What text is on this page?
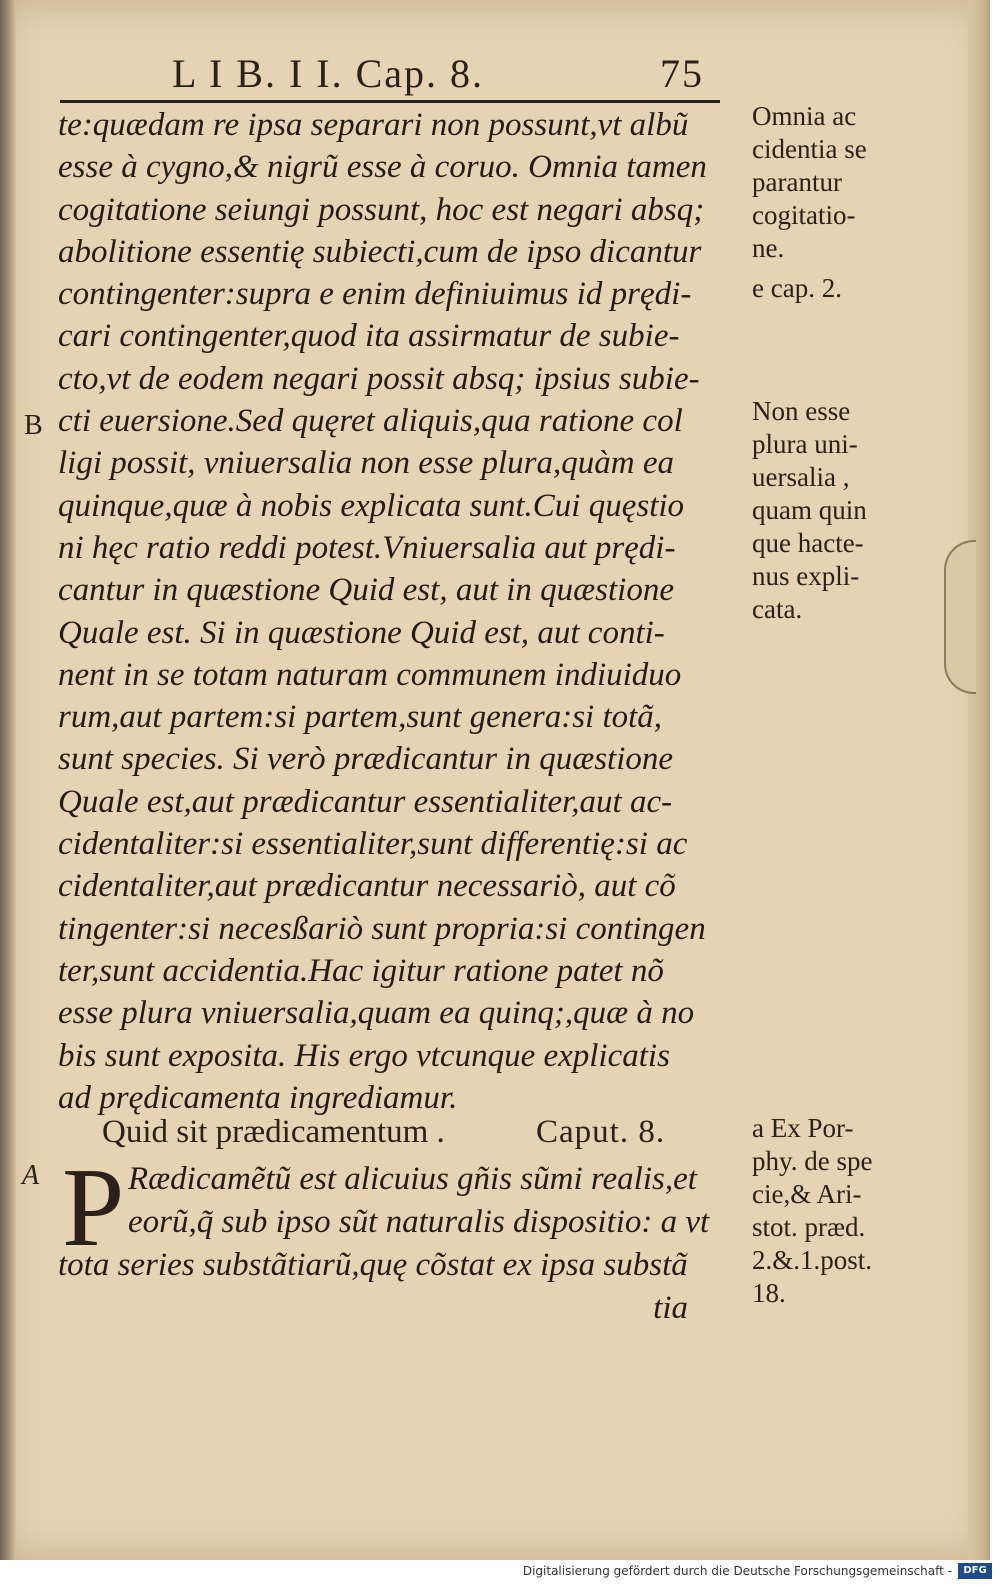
L I B. I I. Cap. 8.	75
te:quædam re ipsa separari non possunt,vt albũ
esse à cygno,& nigrũ esse à coruo. Omnia tamen
cogitatione seiungi possunt, hoc est negari absq;
abolitione essentię subiecti,cum de ipso dicantur
contingenter:supra e enim definiuimus id prędi-
cari contingenter,quod ita assirmatur de subie-
cto,vt de eodem negari possit absq; ipsius subie-
cti euersione.Sed quęret aliquis,qua ratione col
ligi possit, vniuersalia non esse plura,quàm ea
quinque,quæ à nobis explicata sunt.Cui quęstio
ni hęc ratio reddi potest.Vniuersalia aut prędi-
cantur in quæstione Quid est, aut in quæstione
Quale est. Si in quæstione Quid est, aut conti-
nent in se totam naturam communem indiuiduo
rum,aut partem:si partem,sunt genera:si totã,
sunt species. Si verò prædicantur in quæstione
Quale est,aut prædicantur essentialiter,aut ac-
cidentaliter:si essentialiter,sunt differentię:si ac
cidentaliter,aut prædicantur necessariò, aut cõ
tingenter:si necesßariò sunt propria:si contingen
ter,sunt accidentia.Hac igitur ratione patet nõ
esse plura vniuersalia,quam ea quinq;,quæ à no
bis sunt exposita. His ergo vtcunque explicatis
ad prędicamenta ingrediamur.
B
A
Omnia ac
cidentia se
parantur
cogitatio-
ne.
e cap. 2.
Non esse
plura uni-
uersalia ,
quam quin
que hacte-
nus expli-
cata.
a Ex Por-
phy. de spe
cie,& Ari-
stot. præd.
2.&.1.post.
18.
Quid sit prædicamentum .	Caput. 8.
P Rædicamẽtũ est alicuius gñis sũmi realis,et
eorũ,q̃ sub ipso sũt naturalis dispositio: a vt
tota series substãtiarũ,quę cõstat ex ipsa substã
tia
Digitalisierung gefördert durch die Deutsche Forschungsgemeinschaft -	DFG
